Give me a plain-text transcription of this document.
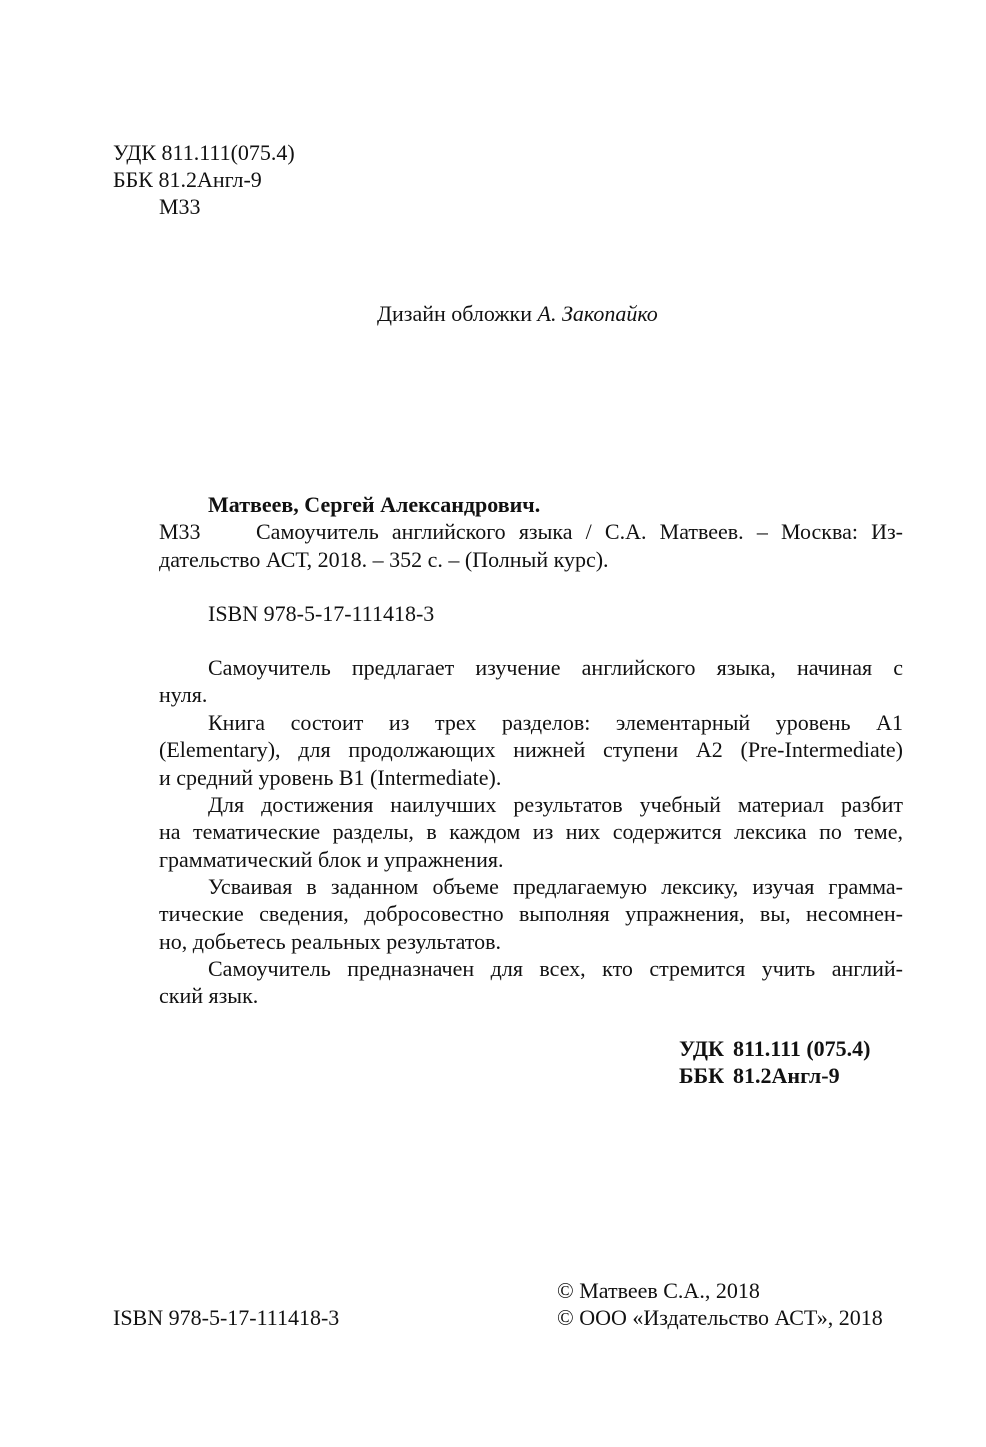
УДК 811.111(075.4)
ББК 81.2Англ-9
М33
Дизайн обложки А. Закопайко
Матвеев, Сергей Александрович.
М33	Самоучитель английского языка / С.А. Матвеев. – Москва: Из-
дательство АСТ, 2018. – 352 с. – (Полный курс).
ISBN 978-5-17-111418-3
Самоучитель предлагает изучение английского языка, начиная с
нуля.
Книга состоит из трех разделов: элементарный уровень A1
(Elementary), для продолжающих нижней ступени A2 (Pre-Intermediate)
и средний уровень B1 (Intermediate).
Для достижения наилучших результатов учебный материал разбит
на тематические разделы, в каждом из них содержится лексика по теме,
грамматический блок и упражнения.
Усваивая в заданном объеме предлагаемую лексику, изучая грамма-
тические сведения, добросовестно выполняя упражнения, вы, несомнен-
но, добьетесь реальных результатов.
Самоучитель предназначен для всех, кто стремится учить англий-
ский язык.
УДК 811.111 (075.4)
ББК 81.2Англ-9
© Матвеев С.А., 2018
ISBN 978-5-17-111418-3	© ООО «Издательство АСТ», 2018
